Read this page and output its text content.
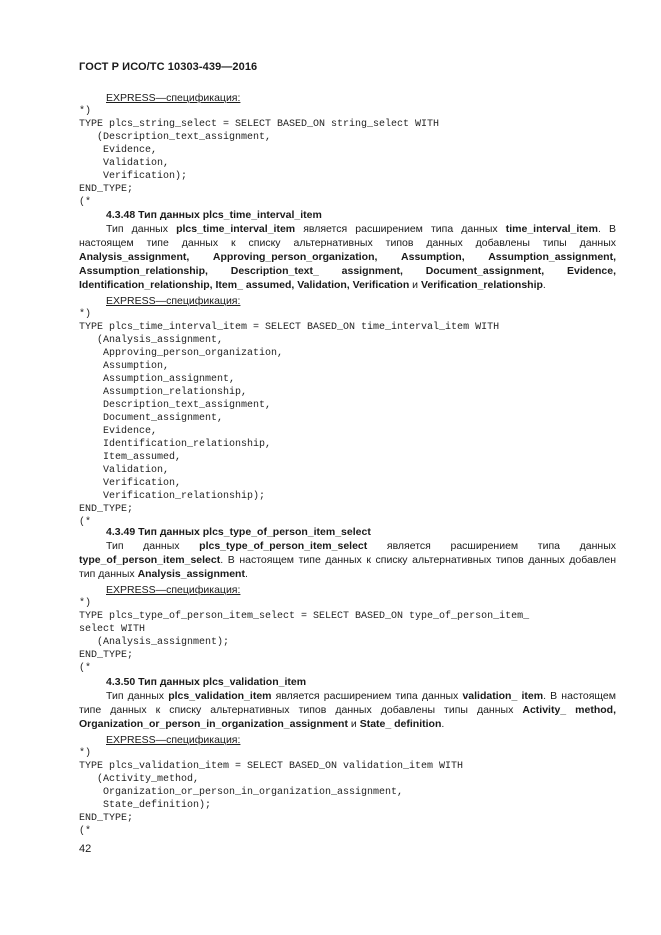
ГОСТ Р ИСО/ТС 10303-439—2016
EXPRESS—спецификация:
*)
TYPE plcs_string_select = SELECT BASED_ON string_select WITH
(Description_text_assignment,
Evidence,
Validation,
Verification);
END_TYPE;
(*
4.3.48 Тип данных plcs_time_interval_item

Тип данных plcs_time_interval_item является расширением типа данных time_interval_item. В настоящем типе данных к списку альтернативных типов данных добавлены типы данных Analysis_assignment, Approving_person_organization, Assumption, Assumption_assignment, Assumption_relationship, Description_text_ assignment, Document_assignment, Evidence, Identification_relationship, Item_ assumed, Validation, Verification и Verification_relationship.

EXPRESS—спецификация:
*)
TYPE plcs_time_interval_item = SELECT BASED_ON time_interval_item WITH
(Analysis_assignment,
Approving_person_organization,
Assumption,
Assumption_assignment,
Assumption_relationship,
Description_text_assignment,
Document_assignment,
Evidence,
Identification_relationship,
Item_assumed,
Validation,
Verification,
Verification_relationship);
END_TYPE;
(*
4.3.49 Тип данных plcs_type_of_person_item_select

Тип данных plcs_type_of_person_item_select является расширением типа данных type_of_person_item_select. В настоящем типе данных к списку альтернативных типов данных добавлен тип данных Analysis_assignment.

EXPRESS—спецификация:
*)
TYPE plcs_type_of_person_item_select = SELECT BASED_ON type_of_person_item_
select WITH
(Analysis_assignment);
END_TYPE;
(*
4.3.50 Тип данных plcs_validation_item

Тип данных plcs_validation_item является расширением типа данных validation_ item. В настоящем типе данных к списку альтернативных типов данных добавлены типы данных Activity_ method, Organization_or_person_in_organization_assignment и State_ definition.

EXPRESS—спецификация:
*)
TYPE plcs_validation_item = SELECT BASED_ON validation_item WITH
(Activity_method,
Organization_or_person_in_organization_assignment,
State_definition);
END_TYPE;
(*
42
